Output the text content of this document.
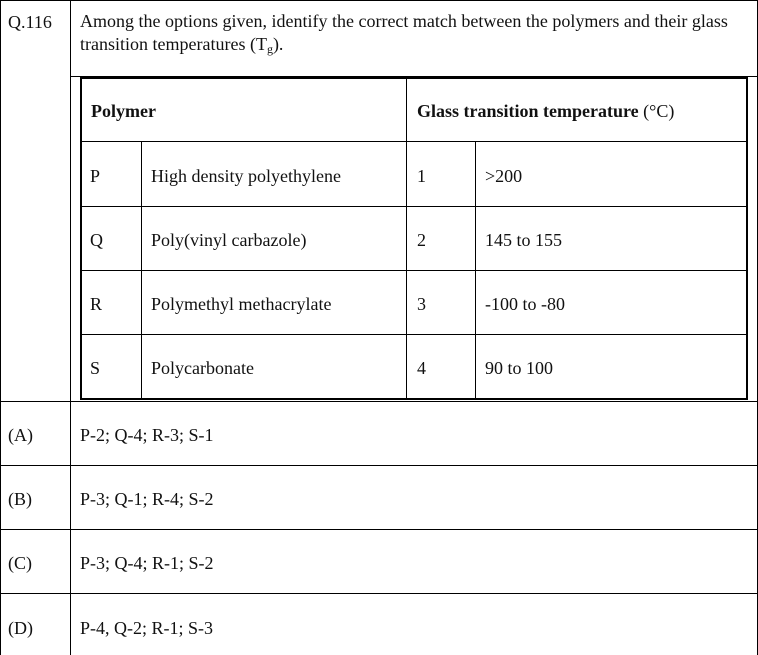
Q.116 Among the options given, identify the correct match between the polymers and their glass transition temperatures $(T_g)$.
Polymer	Glass transition temperature (°C)
P	High density polyethylene	1	>200
Q	Poly(vinyl carbazole)	2	145 to 155
R	Polymethyl methacrylate	3	-100 to -80
S	Polycarbonate	4	90 to 100
(A)	P-2; Q-4; R-3; S-1
(B)	P-3; Q-1; R-4; S-2
(C)	P-3; Q-4; R-1; S-2
(D)	P-4, Q-2; R-1; S-3
